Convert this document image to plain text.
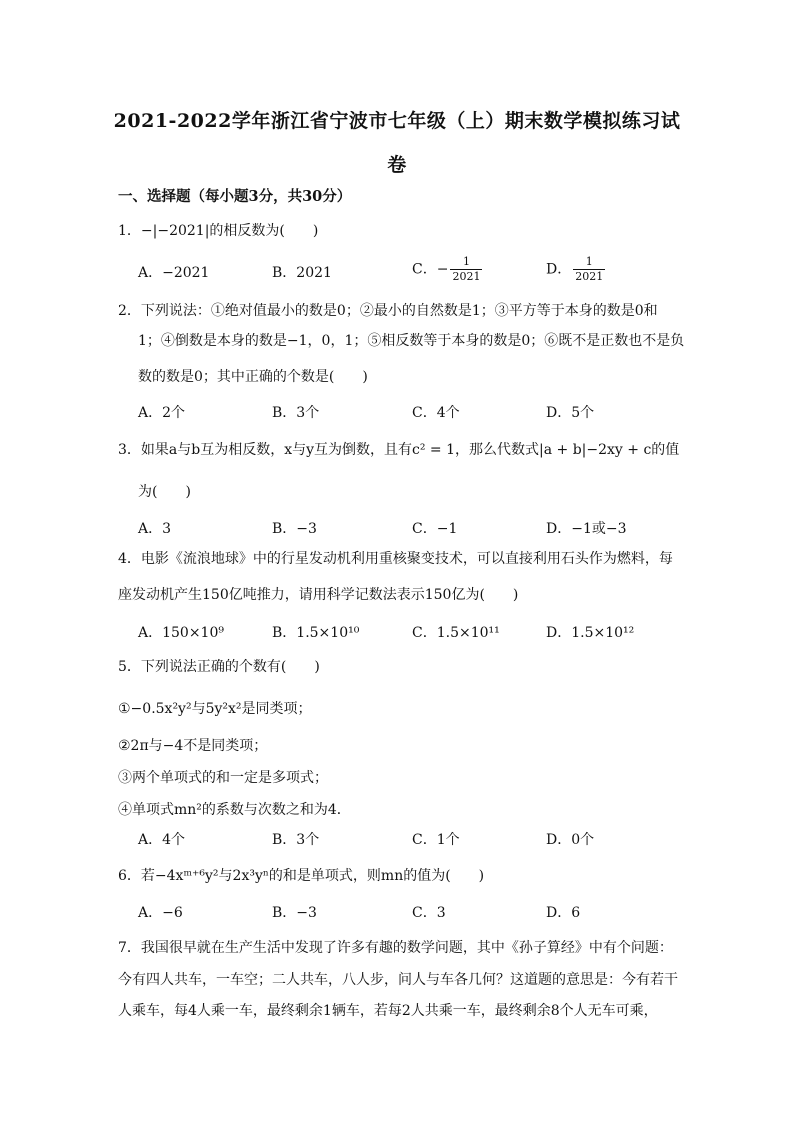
2021-2022学年浙江省宁波市七年级（上）期末数学模拟练习试
卷
一、选择题（每小题3分，共30分）
1．−|−2021|的相反数为(　　)
A．−2021	B．2021	C．− $\frac{1}{2021}$	D． $\frac{1}{2021}$
2．下列说法：①绝对值最小的数是0；②最小的自然数是1；③平方等于本身的数是0和
1；④倒数是本身的数是−1，0，1；⑤相反数等于本身的数是0；⑥既不是正数也不是负
数的数是0；其中正确的个数是(　　)
A．2个	B．3个	C．4个	D．5个
3．如果a与b互为相反数，x与y互为倒数，且有c² = 1，那么代数式|a + b|−2xy + c的值
为(　　)
A．3	B．−3	C．−1	D．−1或−3
4．电影《流浪地球》中的行星发动机利用重核聚变技术，可以直接利用石头作为燃料，每
座发动机产生150亿吨推力，请用科学记数法表示150亿为(　　)
A．150×10⁹	B．1.5×10¹⁰	C．1.5×10¹¹	D．1.5×10¹²
5．下列说法正确的个数有(　　)
①−0.5x²y²与5y²x²是同类项；
②2π与−4不是同类项；
③两个单项式的和一定是多项式；
④单项式mn²的系数与次数之和为4．
A．4个	B．3个	C．1个	D．0个
6．若−4xᵐ⁺⁶y²与2x³yⁿ的和是单项式，则mn的值为(　　)
A．−6	B．−3	C．3	D．6
7．我国很早就在生产生活中发现了许多有趣的数学问题，其中《孙子算经》中有个问题：
今有四人共车，一车空；二人共车，八人步，问人与车各几何？这道题的意思是：今有若干
人乘车，每4人乘一车，最终剩余1辆车，若每2人共乘一车，最终剩余8个人无车可乘，
